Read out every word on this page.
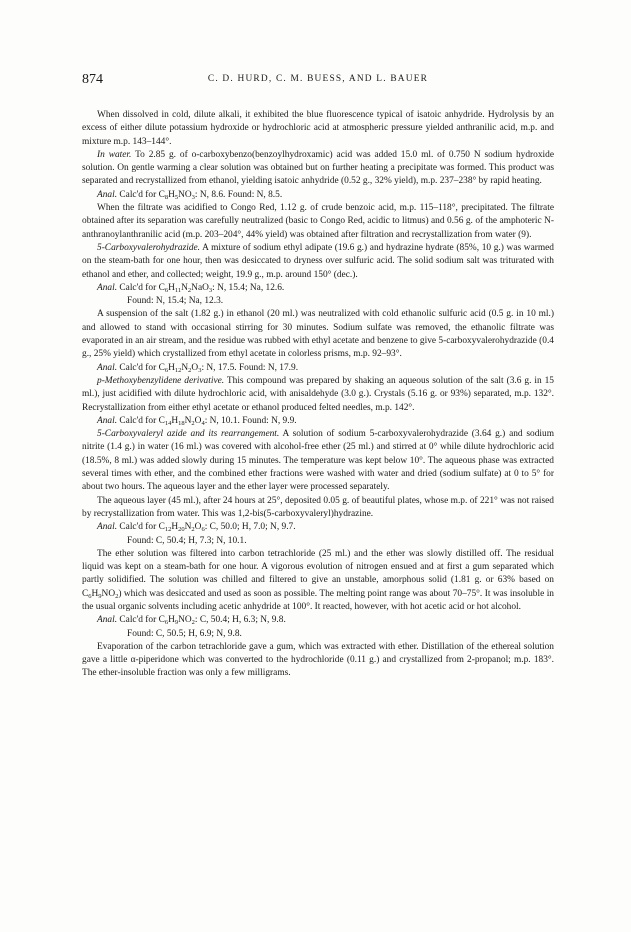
874	C. D. HURD, C. M. BUESS, AND L. BAUER

When dissolved in cold, dilute alkali, it exhibited the blue fluorescence typical of isatoic anhydride. Hydrolysis by an excess of either dilute potassium hydroxide or hydrochloric acid at atmospheric pressure yielded anthranilic acid, m.p. and mixture m.p. 143–144°.

In water. To 2.85 g. of o-carboxybenzo(benzoylhydroxamic) acid was added 15.0 ml. of 0.750 N sodium hydroxide solution. On gentle warming a clear solution was obtained but on further heating a precipitate was formed. This product was separated and recrystallized from ethanol, yielding isatoic anhydride (0.52 g., 32% yield), m.p. 237–238° by rapid heating.

Anal. Calc'd for $C_8H_5NO_3$: N, 8.6. Found: N, 8.5.

When the filtrate was acidified to Congo Red, 1.12 g. of crude benzoic acid, m.p. 115–118°, precipitated. The filtrate obtained after its separation was carefully neutralized (basic to Congo Red, acidic to litmus) and 0.56 g. of the amphoteric N-anthranoylanthranilic acid (m.p. 203–204°, 44% yield) was obtained after filtration and recrystallization from water (9).

5-Carboxyvalerohydrazide. A mixture of sodium ethyl adipate (19.6 g.) and hydrazine hydrate (85%, 10 g.) was warmed on the steam-bath for one hour, then was desiccated to dryness over sulfuric acid. The solid sodium salt was triturated with ethanol and ether, and collected; weight, 19.9 g., m.p. around 150° (dec.).

Anal. Calc'd for $C_6H_{11}N_2NaO_3$: N, 15.4; Na, 12.6.

Found: N, 15.4; Na, 12.3.

A suspension of the salt (1.82 g.) in ethanol (20 ml.) was neutralized with cold ethanolic sulfuric acid (0.5 g. in 10 ml.) and allowed to stand with occasional stirring for 30 minutes. Sodium sulfate was removed, the ethanolic filtrate was evaporated in an air stream, and the residue was rubbed with ethyl acetate and benzene to give 5-carboxyvalerohydrazide (0.4 g., 25% yield) which crystallized from ethyl acetate in colorless prisms, m.p. 92–93°.

Anal. Calc'd for $C_6H_{12}N_2O_3$: N, 17.5. Found: N, 17.9.

p-Methoxybenzylidene derivative. This compound was prepared by shaking an aqueous solution of the salt (3.6 g. in 15 ml.), just acidified with dilute hydrochloric acid, with anisaldehyde (3.0 g.). Crystals (5.16 g. or 93%) separated, m.p. 132°. Recrystallization from either ethyl acetate or ethanol produced felted needles, m.p. 142°.

Anal. Calc'd for $C_{14}H_{18}N_2O_4$: N, 10.1. Found: N, 9.9.

5-Carboxyvaleryl azide and its rearrangement. A solution of sodium 5-carboxyvalerohydrazide (3.64 g.) and sodium nitrite (1.4 g.) in water (16 ml.) was covered with alcohol-free ether (25 ml.) and stirred at 0° while dilute hydrochloric acid (18.5%, 8 ml.) was added slowly during 15 minutes. The temperature was kept below 10°. The aqueous phase was extracted several times with ether, and the combined ether fractions were washed with water and dried (sodium sulfate) at 0 to 5° for about two hours. The aqueous layer and the ether layer were processed separately.

The aqueous layer (45 ml.), after 24 hours at 25°, deposited 0.05 g. of beautiful plates, whose m.p. of 221° was not raised by recrystallization from water. This was 1,2-bis(5-carboxyvaleryl)hydrazine.

Anal. Calc'd for $C_{12}H_{20}N_2O_6$: C, 50.0; H, 7.0; N, 9.7.

Found: C, 50.4; H, 7.3; N, 10.1.

The ether solution was filtered into carbon tetrachloride (25 ml.) and the ether was slowly distilled off. The residual liquid was kept on a steam-bath for one hour. A vigorous evolution of nitrogen ensued and at first a gum separated which partly solidified. The solution was chilled and filtered to give an unstable, amorphous solid (1.81 g. or 63% based on $C_6H_9NO_2$) which was desiccated and used as soon as possible. The melting point range was about 70–75°. It was insoluble in the usual organic solvents including acetic anhydride at 100°. It reacted, however, with hot acetic acid or hot alcohol.

Anal. Calc'd for $C_6H_9NO_2$: C, 50.4; H, 6.3; N, 9.8.

Found: C, 50.5; H, 6.9; N, 9.8.

Evaporation of the carbon tetrachloride gave a gum, which was extracted with ether. Distillation of the ethereal solution gave a little α-piperidone which was converted to the hydrochloride (0.11 g.) and crystallized from 2-propanol; m.p. 183°. The ether-insoluble fraction was only a few milligrams.
